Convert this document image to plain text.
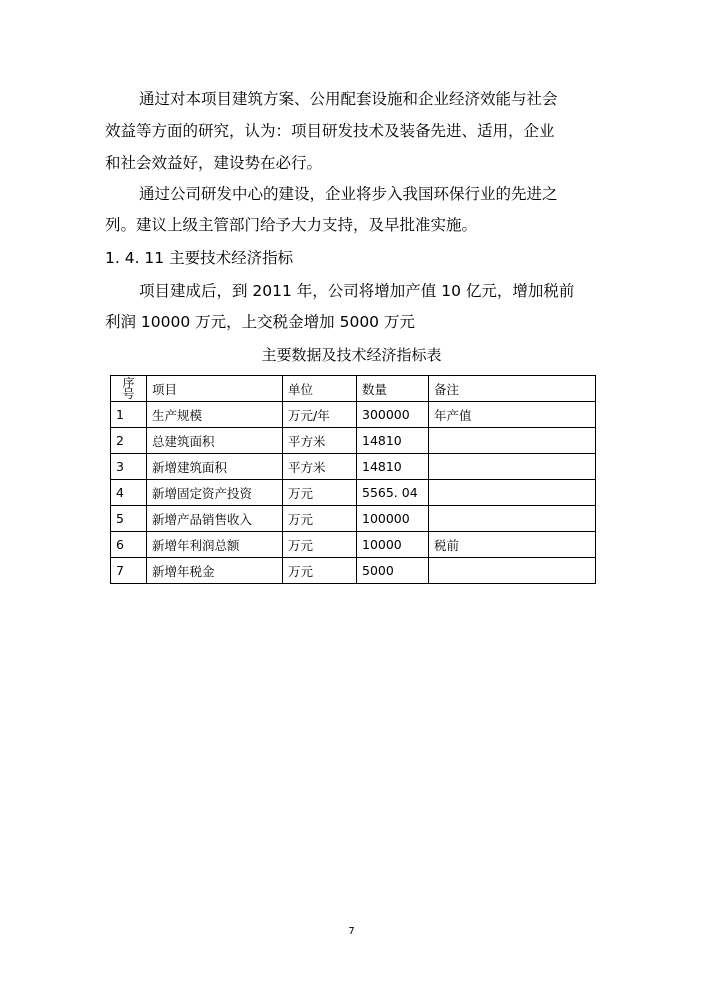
通过对本项目建筑方案、公用配套设施和企业经济效能与社会
效益等方面的研究，认为：项目研发技术及装备先进、适用，企业
和社会效益好，建设势在必行。
通过公司研发中心的建设，企业将步入我国环保行业的先进之
列。建议上级主管部门给予大力支持，及早批准实施。
1. 4. 11 主要技术经济指标
项目建成后，到 2011 年，公司将增加产值 10 亿元，增加税前
利润 10000 万元，上交税金增加 5000 万元
主要数据及技术经济指标表
序
号	项目	单位	数量	备注
1	生产规模	万元/年	300000	年产值
2	总建筑面积	平方米	14810	
3	新增建筑面积	平方米	14810	
4	新增固定资产投资	万元	5565. 04	
5	新增产品销售收入	万元	100000	
6	新增年利润总额	万元	10000	税前
7	新增年税金	万元	5000	
7
